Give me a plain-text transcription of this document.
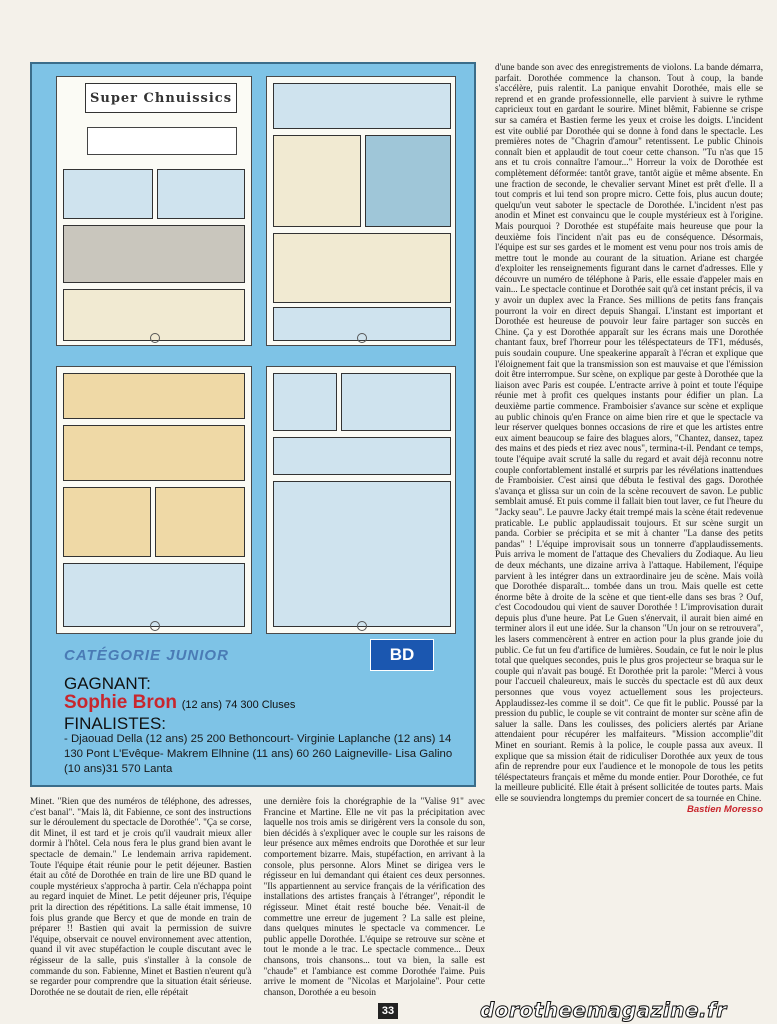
Super Chnuissics
CATÉGORIE JUNIOR	BD
GAGNANT:
Sophie Bron (12 ans) 74 300 Cluses
FINALISTES:
- Djaouad Della (12 ans) 25 200 Bethoncourt- Virginie Laplanche (12 ans) 14 130 Pont L'Evêque- Makrem Elhnine (11 ans) 60 260 Laigneville- Lisa Galino (10 ans)31 570 Lanta

Minet. "Rien que des numéros de téléphone, des adresses, c'est banal". "Mais là, dit Fabienne, ce sont des instructions sur le déroulement du spectacle de Dorothée". "Ça se corse, dit Minet, il est tard et je crois qu'il vaudrait mieux aller dormir à l'hôtel. Cela nous fera le plus grand bien avant le spectacle de demain." Le lendemain arriva rapidement. Toute l'équipe était réunie pour le petit déjeuner. Bastien était au côté de Dorothée en train de lire une BD quand le couple mystérieux s'approcha à partir. Cela n'échappa point au regard inquiet de Minet. Le petit déjeuner pris, l'équipe prit la direction des répétitions. La salle était immense, 10 fois plus grande que Bercy et que de monde en train de préparer !! Bastien qui avait la permission de suivre l'équipe, observait ce nouvel environnement avec attention, quand il vit avec stupéfaction le couple discutant avec le régisseur de la salle, puis s'installer à la console de commande du son. Fabienne, Minet et Bastien n'eurent qu'à se regarder pour comprendre que la situation était sérieuse. Dorothée ne se doutait de rien, elle répétait

une dernière fois la chorégraphie de la "Valise 91" avec Francine et Martine. Elle ne vit pas la précipitation avec laquelle nos trois amis se dirigèrent vers la console du son, bien décidés à s'expliquer avec le couple sur les raisons de leur présence aux mêmes endroits que Dorothée et sur leur comportement bizarre. Mais, stupéfaction, en arrivant à la console, plus personne. Alors Minet se dirigea vers le régisseur en lui demandant qui étaient ces deux personnes. "Ils appartiennent au service français de la vérification des installations des artistes français à l'étranger", répondit le régisseur. Minet était resté bouche bée. Venait-il de commettre une erreur de jugement ? La salle est pleine, dans quelques minutes le spectacle va commencer. Le public appelle Dorothée. L'équipe se retrouve sur scène et tout le monde a le trac. Le spectacle commence... Deux chansons, trois chansons... tout va bien, la salle est "chaude" et l'ambiance est comme Dorothée l'aime. Puis arrive le moment de "Nicolas et Marjolaine". Pour cette chanson, Dorothée a eu besoin

d'une bande son avec des enregistrements de violons. La bande démarra, parfait. Dorothée commence la chanson. Tout à coup, la bande s'accélère, puis ralentit. La panique envahit Dorothée, mais elle se reprend et en grande professionnelle, elle parvient à suivre le rythme capricieux tout en gardant le sourire. Minet blêmit, Fabienne se crispe sur sa caméra et Bastien ferme les yeux et croise les doigts. L'incident est vite oublié par Dorothée qui se donne à fond dans le spectacle. Les premières notes de "Chagrin d'amour" retentissent. Le public Chinois connaît bien et applaudit de tout coeur cette chanson. "Tu n'as que 15 ans et tu crois connaître l'amour..." Horreur la voix de Dorothée est complètement déformée: tantôt grave, tantôt aigüe et même absente. En une fraction de seconde, le chevalier servant Minet est prêt d'elle. Il a tout compris et lui tend son propre micro. Cette fois, plus aucun doute; quelqu'un veut saboter le spectacle de Dorothée. L'incident n'est pas anodin et Minet est convaincu que le couple mystérieux est à l'origine. Mais pourquoi ? Dorothée est stupéfaite mais heureuse que pour la deuxième fois l'incident n'ait pas eu de conséquence. Désormais, l'équipe est sur ses gardes et le moment est venu pour nos trois amis de mettre tout le monde au courant de la situation. Ariane est chargée d'exploiter les renseignements figurant dans le carnet d'adresses. Elle y découvre un numéro de téléphone à Paris, elle essaie d'appeler mais en vain... Le spectacle continue et Dorothée sait qu'à cet instant précis, il va y avoir un duplex avec la France. Ses millions de petits fans français pourront la voir en direct depuis Shangaï. L'instant est important et Dorothée est heureuse de pouvoir leur faire partager son succès en Chine. Ça y est Dorothée apparaît sur les écrans mais une Dorothée chantant faux, bref l'horreur pour les téléspectateurs de TF1, médusés, puis soudain coupure. Une speakerine apparaît à l'écran et explique que l'éloignement fait que la transmission son est mauvaise et que l'émission doit être interrompue. Sur scène, on explique par geste à Dorothée que la liaison avec Paris est coupée. L'entracte arrive à point et toute l'équipe réunie met à profit ces quelques instants pour édifier un plan. La deuxième partie commence. Framboisier s'avance sur scène et explique au public chinois qu'en France on aime bien rire et que le spectacle va leur réserver quelques bonnes occasions de rire et que les artistes entre eux aiment beaucoup se faire des blagues alors, "Chantez, dansez, tapez des mains et des pieds et riez avec nous", termina-t-il. Pendant ce temps, toute l'équipe avait scruté la salle du regard et avait déjà reconnu notre couple confortablement installé et surpris par les révélations inattendues de Framboisier. C'est ainsi que débuta le festival des gags. Dorothée s'avança et glissa sur un coin de la scène recouvert de savon. Le public semblait amusé. Et puis comme il fallait bien tout laver, ce fut l'heure du "Jacky seau". Le pauvre Jacky était trempé mais la scène était redevenue praticable. Le public applaudissait toujours. Et sur scène surgit un panda. Corbier se précipita et se mit à chanter "La danse des petits pandas" ! L'équipe improvisait sous un tonnerre d'applaudissements. Puis arriva le moment de l'attaque des Chevaliers du Zodiaque. Au lieu de deux méchants, une dizaine arriva à l'attaque. Habilement, l'équipe parvient à les intégrer dans un extraordinaire jeu de scène. Mais voilà que Dorothée disparaît... tombée dans un trou. Mais quelle est cette énorme bête à droite de la scène et que tient-elle dans ses bras ? Ouf, c'est Cocodoudou qui vient de sauver Dorothée ! L'improvisation durait depuis plus d'une heure. Pat Le Guen s'énervait, il aurait bien aimé en terminer alors il eut une idée. Sur la chanson "Un jour on se retrouvera", les lasers commencèrent à entrer en action pour la plus grande joie du public. Ce fut un feu d'artifice de lumières. Soudain, ce fut le noir le plus total que quelques secondes, puis le plus gros projecteur se braqua sur le couple qui n'avait pas bougé. Et Dorothée prit la parole: "Merci à vous pour l'accueil chaleureux, mais le succès du spectacle est dû aux deux personnes que vous voyez actuellement sous les projecteurs. Applaudissez-les comme il se doit". Ce que fit le public. Poussé par la pression du public, le couple se vit contraint de monter sur scène afin de saluer la salle. Dans les coulisses, des policiers alertés par Ariane attendaient pour récupérer les malfaiteurs. "Mission accomplie"dit Minet en souriant. Remis à la police, le couple passa aux aveux. Il explique que sa mission était de ridiculiser Dorothée aux yeux de tous afin de reprendre pour eux l'audience et le monopole de tous les petits téléspectateurs français et même du monde entier. Pour Dorothée, ce fut la meilleure publicité. Elle était à présent sollicitée de toutes parts. Mais elle se souviendra longtemps du premier concert de sa tournée en Chine.

Bastien Moresso
33	dorotheemagazine.fr
